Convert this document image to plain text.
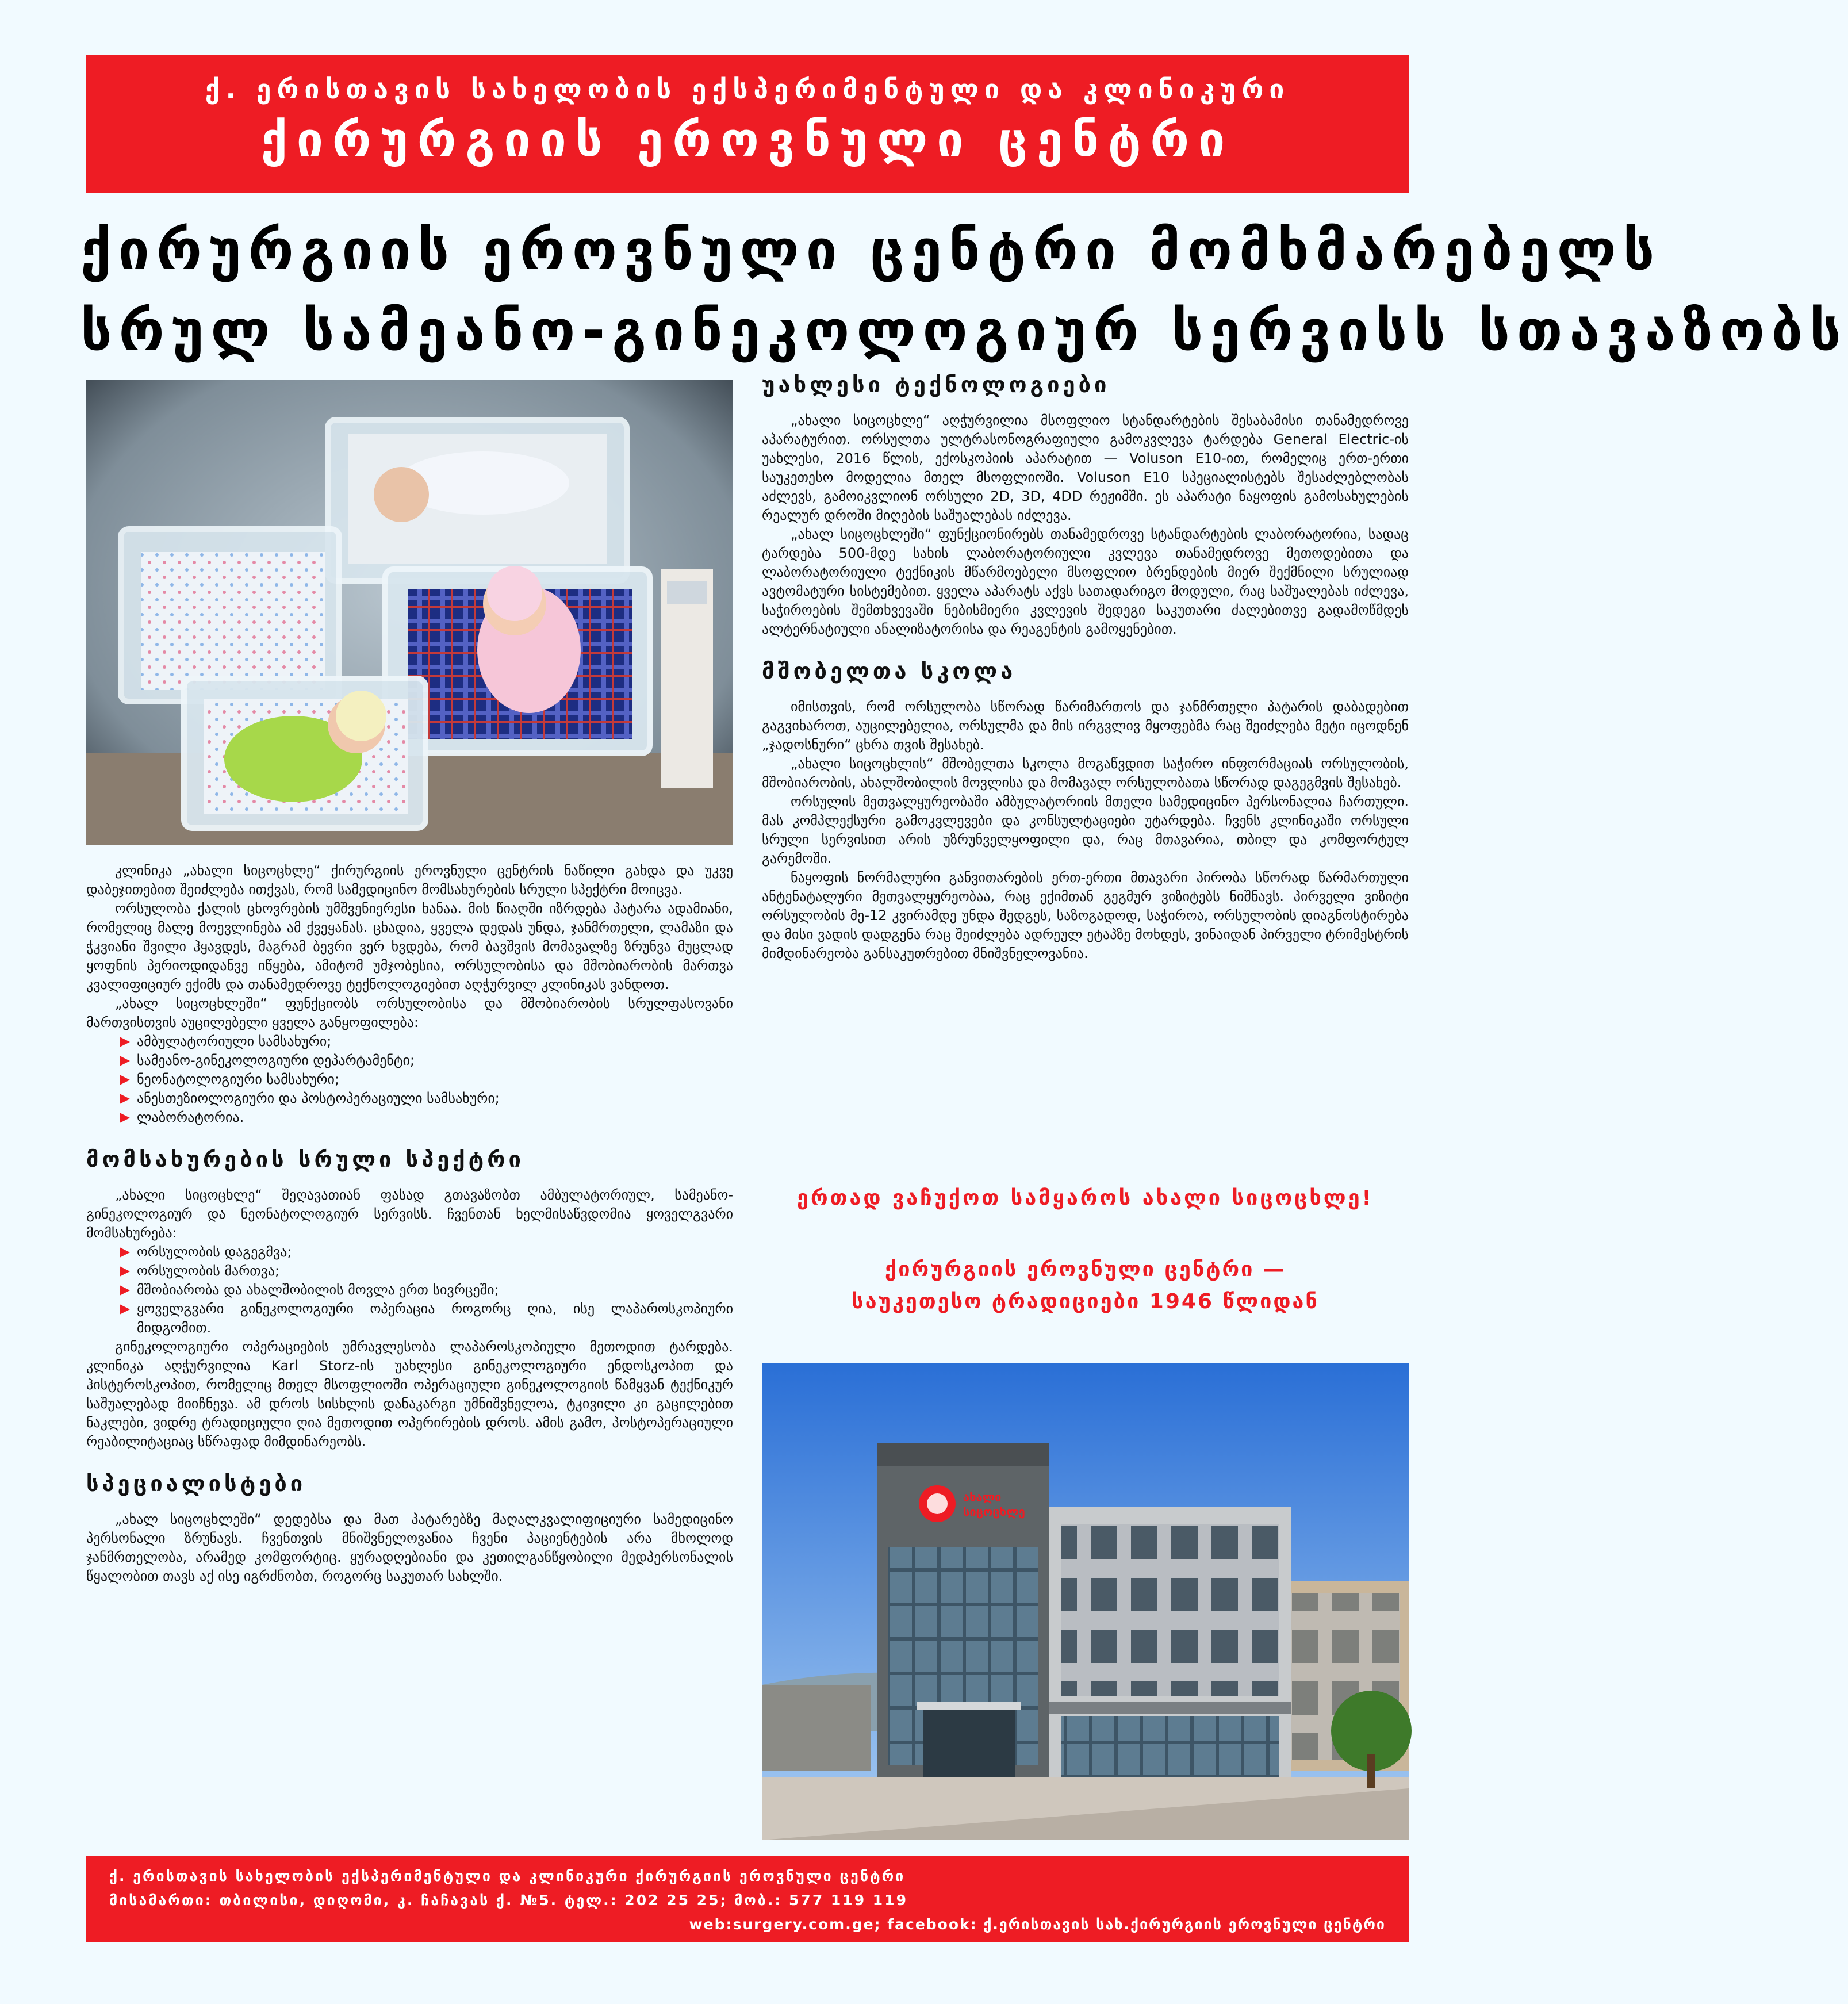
ქ. ერისთავის სახელობის ექსპერიმენტული და კლინიკური
ქირურგიის ეროვნული ცენტრი
ქირურგიის ეროვნული ცენტრი მომხმარებელს
სრულ სამეანო-გინეკოლოგიურ სერვისს სთავაზობს

კლინიკა „ახალი სიცოცხლე“ ქირურგიის ეროვნული ცენტრის ნაწილი გახდა და უკვე დაბეჯითებით შეიძლება ითქვას, რომ სამედიცინო მომსახურების სრული სპექტრი მოიცვა.

ორსულობა ქალის ცხოვრების უმშვენიერესი ხანაა. მის წიაღში იზრდება პატარა ადამიანი, რომელიც მალე მოევლინება ამ ქვეყანას. ცხადია, ყველა დედას უნდა, ჯანმრთელი, ლამაზი და ჭკვიანი შვილი ჰყავდეს, მაგრამ ბევრი ვერ ხვდება, რომ ბავშვის მომავალზე ზრუნვა მუცლად ყოფნის პერიოდიდანვე იწყება, ამიტომ უმჯობესია, ორსულობისა და მშობიარობის მართვა კვალიფიციურ ექიმს და თანამედროვე ტექნოლოგიებით აღჭურვილ კლინიკას ვანდოთ.

„ახალ სიცოცხლეში“ ფუნქციობს ორსულობისა და მშობიარობის სრულფასოვანი მართვისთვის აუცილებელი ყველა განყოფილება:

ამბულატორიული სამსახური;
სამეანო-გინეკოლოგიური დეპარტამენტი;
ნეონატოლოგიური სამსახური;
ანესთეზიოლოგიური და პოსტოპერაციული სამსახური;
ლაბორატორია.
მომსახურების სრული სპექტრი

„ახალი სიცოცხლე“ შეღავათიან ფასად გთავაზობთ ამბულატორიულ, სამეანო-გინეკოლოგიურ და ნეონატოლოგიურ სერვისს. ჩვენთან ხელმისაწვდომია ყოველგვარი მომსახურება:

ორსულობის დაგეგმვა;
ორსულობის მართვა;
მშობიარობა და ახალშობილის მოვლა ერთ სივრცეში;
ყოველგვარი გინეკოლოგიური ოპერაცია როგორც ღია, ისე ლაპაროსკოპიური მიდგომით.

გინეკოლოგიური ოპერაციების უმრავლესობა ლაპაროსკოპიული მეთოდით ტარდება. კლინიკა აღჭურვილია Karl Storz-ის უახლესი გინეკოლოგიური ენდოსკოპით და ჰისტეროსკოპით, რომელიც მთელ მსოფლიოში ოპერაციული გინეკოლოგიის წამყვან ტექნიკურ საშუალებად მიიჩნევა. ამ დროს სისხლის დანაკარგი უმნიშვნელოა, ტკივილი კი გაცილებით ნაკლები, ვიდრე ტრადიციული ღია მეთოდით ოპერირების დროს. ამის გამო, პოსტოპერაციული რეაბილიტაციაც სწრაფად მიმდინარეობს.

სპეციალისტები

„ახალ სიცოცხლეში“ დედებსა და მათ პატარებზე მაღალკვალიფიციური სამედიცინო პერსონალი ზრუნავს. ჩვენთვის მნიშვნელოვანია ჩვენი პაციენტების არა მხოლოდ ჯანმრთელობა, არამედ კომფორტიც. ყურადღებიანი და კეთილგანწყობილი მედპერსონალის წყალობით თავს აქ ისე იგრძნობთ, როგორც საკუთარ სახლში.

უახლესი ტექნოლოგიები

„ახალი სიცოცხლე“ აღჭურვილია მსოფლიო სტანდარტების შესაბამისი თანამედროვე აპარატურით. ორსულთა ულტრასონოგრაფიული გამოკვლევა ტარდება General Electric-ის უახლესი, 2016 წლის, ექოსკოპიის აპარატით — Voluson E10-ით, რომელიც ერთ-ერთი საუკეთესო მოდელია მთელ მსოფლიოში. Voluson E10 სპეციალისტებს შესაძლებლობას აძლევს, გამოიკვლიონ ორსული 2D, 3D, 4DD რეჟიმში. ეს აპარატი ნაყოფის გამოსახულების რეალურ დროში მიღების საშუალებას იძლევა.

„ახალ სიცოცხლეში“ ფუნქციონირებს თანამედროვე სტანდარტების ლაბორატორია, სადაც ტარდება 500-მდე სახის ლაბორატორიული კვლევა თანამედროვე მეთოდებითა და ლაბორატორიული ტექნიკის მწარმოებელი მსოფლიო ბრენდების მიერ შექმნილი სრულიად ავტომატური სისტემებით. ყველა აპარატს აქვს სათადარიგო მოდული, რაც საშუალებას იძლევა, საჭიროების შემთხვევაში ნებისმიერი კვლევის შედეგი საკუთარი ძალებითვე გადამოწმდეს ალტერნატიული ანალიზატორისა და რეაგენტის გამოყენებით.

მშობელთა სკოლა

იმისთვის, რომ ორსულობა სწორად წარიმართოს და ჯანმრთელი პატარის დაბადებით გაგვიხაროთ, აუცილებელია, ორსულმა და მის ირგვლივ მყოფებმა რაც შეიძლება მეტი იცოდნენ „ჯადოსნური“ ცხრა თვის შესახებ.

„ახალი სიცოცხლის“ მშობელთა სკოლა მოგაწვდით საჭირო ინფორმაციას ორსულობის, მშობიარობის, ახალშობილის მოვლისა და მომავალ ორსულობათა სწორად დაგეგმვის შესახებ.

ორსულის მეთვალყურეობაში ამბულატორიის მთელი სამედიცინო პერსონალია ჩართული. მას კომპლექსური გამოკვლევები და კონსულტაციები უტარდება. ჩვენს კლინიკაში ორსული სრული სერვისით არის უზრუნველყოფილი და, რაც მთავარია, თბილ და კომფორტულ გარემოში.

ნაყოფის ნორმალური განვითარების ერთ-ერთი მთავარი პირობა სწორად წარმართული ანტენატალური მეთვალყურეობაა, რაც ექიმთან გეგმურ ვიზიტებს ნიშნავს. პირველი ვიზიტი ორსულობის მე-12 კვირამდე უნდა შედგეს, საზოგადოდ, საჭიროა, ორსულობის დიაგნოსტირება და მისი ვადის დადგენა რაც შეიძლება ადრეულ ეტაპზე მოხდეს, ვინაიდან პირველი ტრიმესტრის მიმდინარეობა განსაკუთრებით მნიშვნელოვანია.

ერთად ვაჩუქოთ სამყაროს ახალი სიცოცხლე!
ქირურგიის ეროვნული ცენტრი —
საუკეთესო ტრადიციები 1946 წლიდან
ახალი
სიცოცხლე
ქ. ერისთავის სახელობის ექსპერიმენტული და კლინიკური ქირურგიის ეროვნული ცენტრი
მისამართი: თბილისი, დიღომი, კ. ჩაჩავას ქ. №5. ტელ.: 202 25 25; მობ.: 577 119 119
web:surgery.com.ge; facebook: ქ.ერისთავის სახ.ქირურგიის ეროვნული ცენტრი
